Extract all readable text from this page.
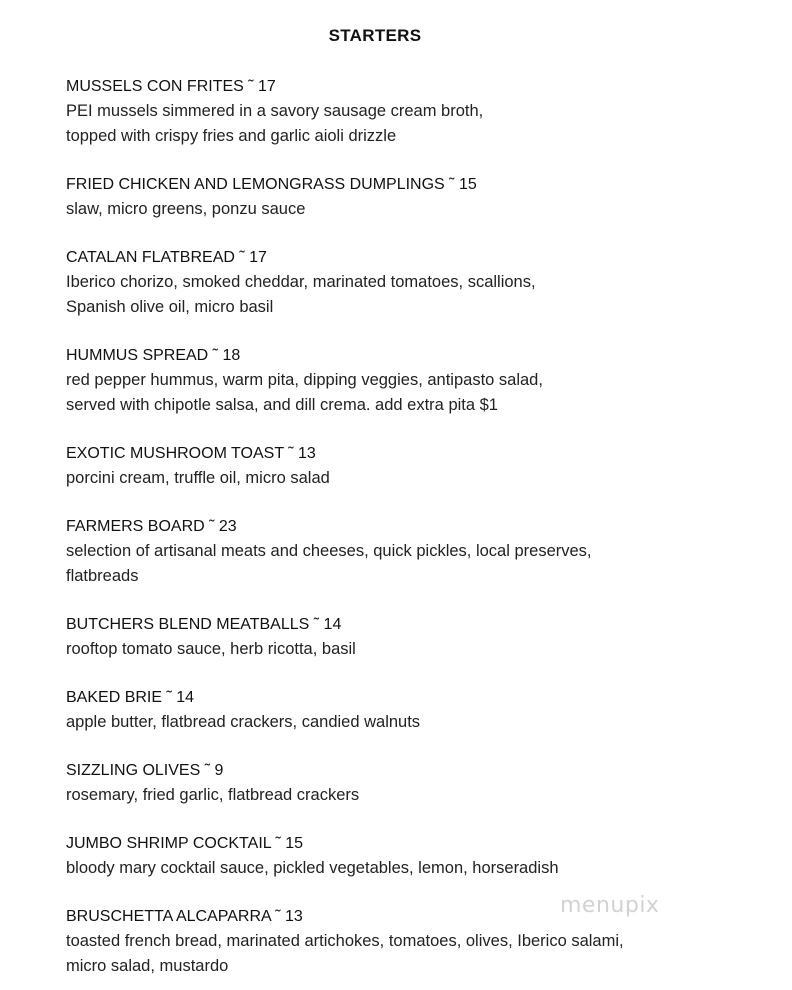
STARTERS
MUSSELS CON FRITES ˜ 17
PEI mussels simmered in a savory sausage cream broth,
topped with crispy fries and garlic aioli drizzle
FRIED CHICKEN AND LEMONGRASS DUMPLINGS ˜ 15
slaw, micro greens, ponzu sauce
CATALAN FLATBREAD ˜ 17
Iberico chorizo, smoked cheddar, marinated tomatoes, scallions,
Spanish olive oil, micro basil
HUMMUS SPREAD ˜ 18
red pepper hummus, warm pita, dipping veggies, antipasto salad,
served with chipotle salsa, and dill crema. add extra pita $1
EXOTIC MUSHROOM TOAST ˜ 13
porcini cream, truffle oil, micro salad
FARMERS BOARD ˜ 23
selection of artisanal meats and cheeses, quick pickles, local preserves,
flatbreads
BUTCHERS BLEND MEATBALLS ˜ 14
rooftop tomato sauce, herb ricotta, basil
BAKED BRIE ˜ 14
apple butter, flatbread crackers, candied walnuts
SIZZLING OLIVES ˜ 9
rosemary, fried garlic, flatbread crackers
JUMBO SHRIMP COCKTAIL ˜ 15
bloody mary cocktail sauce, pickled vegetables, lemon, horseradish
BRUSCHETTA ALCAPARRA ˜ 13
toasted french bread, marinated artichokes, tomatoes, olives, Iberico salami,
micro salad, mustardo
menupix
